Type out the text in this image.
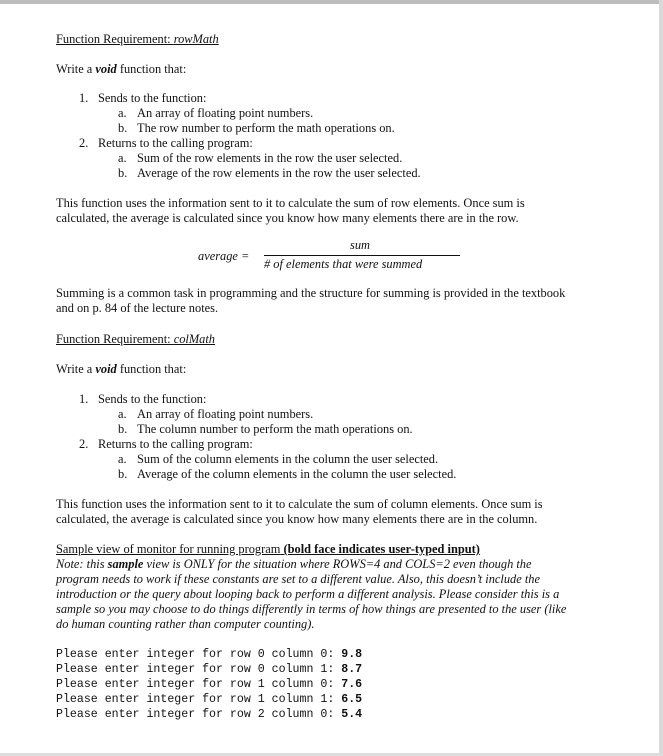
Function Requirement: rowMath
Write a void function that:
1. Sends to the function:
a. An array of floating point numbers.
b. The row number to perform the math operations on.
2. Returns to the calling program:
a. Sum of the row elements in the row the user selected.
b. Average of the row elements in the row the user selected.
This function uses the information sent to it to calculate the sum of row elements. Once sum is
calculated, the average is calculated since you know how many elements there are in the row.
average =
sum
# of elements that were summed
Summing is a common task in programming and the structure for summing is provided in the textbook
and on p. 84 of the lecture notes.
Function Requirement: colMath
Write a void function that:
1. Sends to the function:
a. An array of floating point numbers.
b. The column number to perform the math operations on.
2. Returns to the calling program:
a. Sum of the column elements in the column the user selected.
b. Average of the column elements in the column the user selected.
This function uses the information sent to it to calculate the sum of column elements. Once sum is
calculated, the average is calculated since you know how many elements there are in the column.
Sample view of monitor for running program (bold face indicates user-typed input)
Note: this sample view is ONLY for the situation where ROWS=4 and COLS=2 even though the
program needs to work if these constants are set to a different value. Also, this doesn’t include the
introduction or the query about looping back to perform a different analysis. Please consider this is a
sample so you may choose to do things differently in terms of how things are presented to the user (like
do human counting rather than computer counting).
Please enter integer for row 0 column 0: 9.8
Please enter integer for row 0 column 1: 8.7
Please enter integer for row 1 column 0: 7.6
Please enter integer for row 1 column 1: 6.5
Please enter integer for row 2 column 0: 5.4
